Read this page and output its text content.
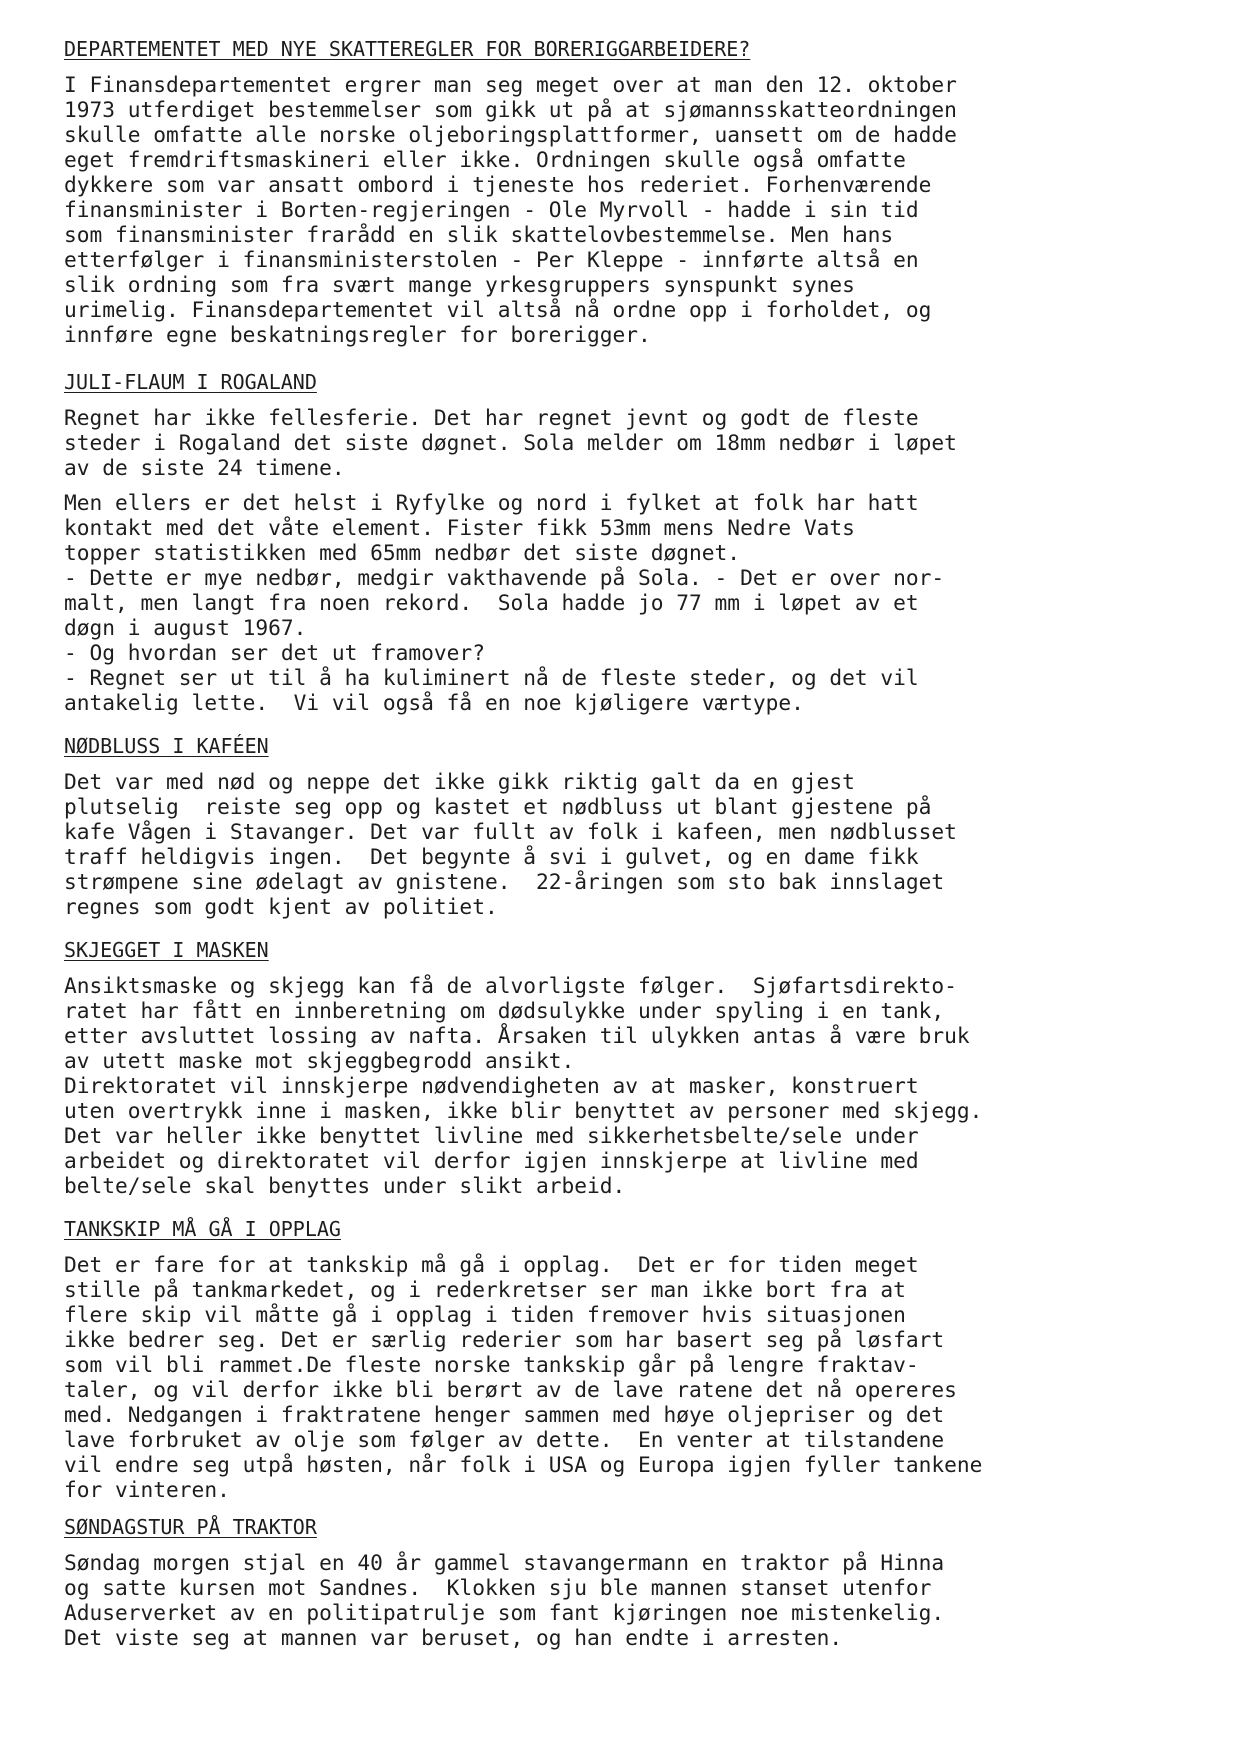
DEPARTEMENTET MED NYE SKATTEREGLER FOR BORERIGGARBEIDERE?

I Finansdepartementet ergrer man seg meget over at man den 12. oktober
1973 utferdiget bestemmelser som gikk ut på at sjømannsskatteordningen
skulle omfatte alle norske oljeboringsplattformer, uansett om de hadde
eget fremdriftsmaskineri eller ikke. Ordningen skulle også omfatte
dykkere som var ansatt ombord i tjeneste hos rederiet. Forhenværende
finansminister i Borten-regjeringen - Ole Myrvoll - hadde i sin tid
som finansminister frarådd en slik skattelovbestemmelse. Men hans
etterfølger i finansministerstolen - Per Kleppe - innførte altså en
slik ordning som fra svært mange yrkesgruppers synspunkt synes
urimelig. Finansdepartementet vil altså nå ordne opp i forholdet, og
innføre egne beskatningsregler for borerigger.

JULI-FLAUM I ROGALAND

Regnet har ikke fellesferie. Det har regnet jevnt og godt de fleste
steder i Rogaland det siste døgnet. Sola melder om 18mm nedbør i løpet
av de siste 24 timene.

Men ellers er det helst i Ryfylke og nord i fylket at folk har hatt
kontakt med det våte element. Fister fikk 53mm mens Nedre Vats
topper statistikken med 65mm nedbør det siste døgnet.
- Dette er mye nedbør, medgir vakthavende på Sola. - Det er over nor-
malt, men langt fra noen rekord.  Sola hadde jo 77 mm i løpet av et
døgn i august 1967.
- Og hvordan ser det ut framover?
- Regnet ser ut til å ha kuliminert nå de fleste steder, og det vil
antakelig lette.  Vi vil også få en noe kjøligere værtype.

NØDBLUSS I KAFÉEN

Det var med nød og neppe det ikke gikk riktig galt da en gjest
plutselig  reiste seg opp og kastet et nødbluss ut blant gjestene på
kafe Vågen i Stavanger. Det var fullt av folk i kafeen, men nødblusset
traff heldigvis ingen.  Det begynte å svi i gulvet, og en dame fikk
strømpene sine ødelagt av gnistene.  22-åringen som sto bak innslaget
regnes som godt kjent av politiet.

SKJEGGET I MASKEN

Ansiktsmaske og skjegg kan få de alvorligste følger.  Sjøfartsdirekto-
ratet har fått en innberetning om dødsulykke under spyling i en tank,
etter avsluttet lossing av nafta. Årsaken til ulykken antas å være bruk
av utett maske mot skjeggbegrodd ansikt.
Direktoratet vil innskjerpe nødvendigheten av at masker, konstruert
uten overtrykk inne i masken, ikke blir benyttet av personer med skjegg.
Det var heller ikke benyttet livline med sikkerhetsbelte/sele under
arbeidet og direktoratet vil derfor igjen innskjerpe at livline med
belte/sele skal benyttes under slikt arbeid.

TANKSKIP MÅ GÅ I OPPLAG

Det er fare for at tankskip må gå i opplag.  Det er for tiden meget
stille på tankmarkedet, og i rederkretser ser man ikke bort fra at
flere skip vil måtte gå i opplag i tiden fremover hvis situasjonen
ikke bedrer seg. Det er særlig rederier som har basert seg på løsfart
som vil bli rammet.De fleste norske tankskip går på lengre fraktav-
taler, og vil derfor ikke bli berørt av de lave ratene det nå opereres
med. Nedgangen i fraktratene henger sammen med høye oljepriser og det
lave forbruket av olje som følger av dette.  En venter at tilstandene
vil endre seg utpå høsten, når folk i USA og Europa igjen fyller tankene
for vinteren.

SØNDAGSTUR PÅ TRAKTOR

Søndag morgen stjal en 40 år gammel stavangermann en traktor på Hinna
og satte kursen mot Sandnes.  Klokken sju ble mannen stanset utenfor
Aduserverket av en politipatrulje som fant kjøringen noe mistenkelig.
Det viste seg at mannen var beruset, og han endte i arresten.
